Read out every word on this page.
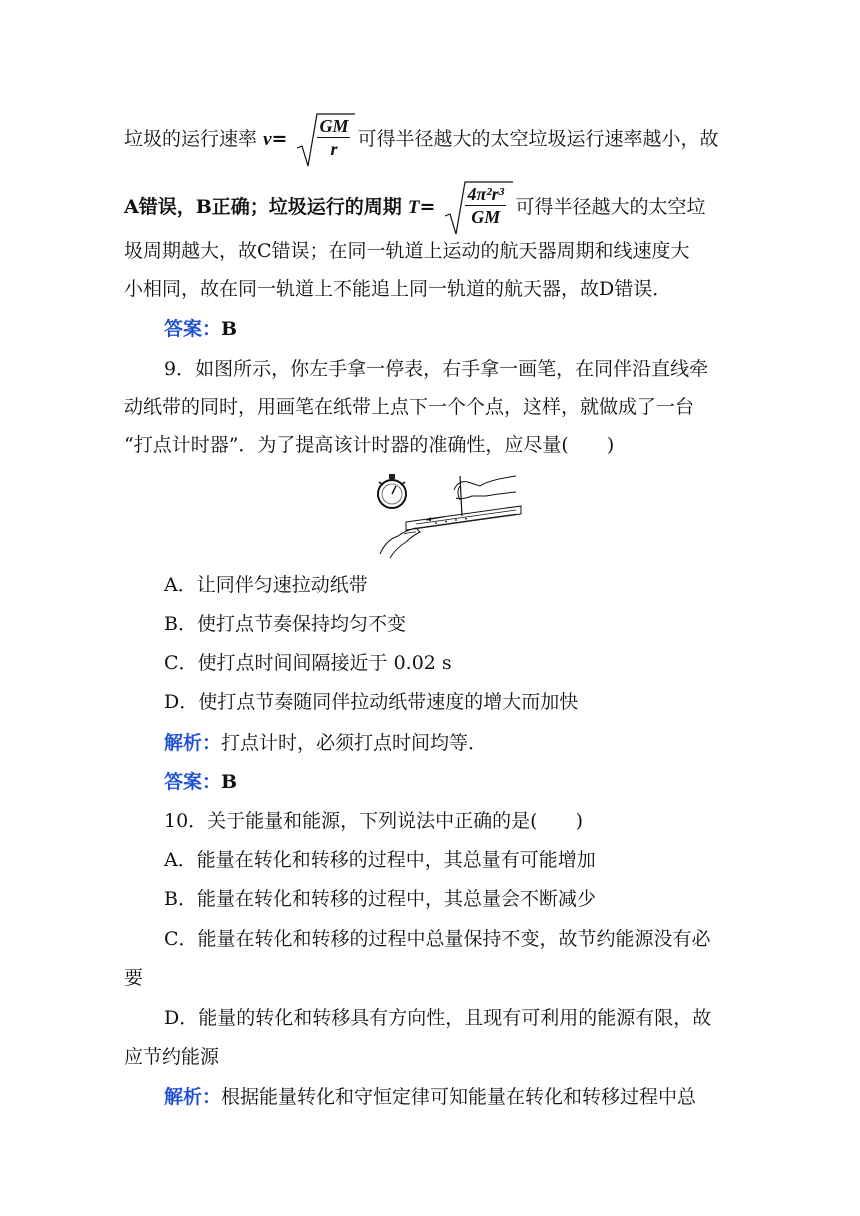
垃圾的运行速率 $v= \frac{GM}{r}$ 可得半径越大的太空垃圾运行速率越小，故
A错误，B正确；垃圾运行的周期 $T= \frac{\text{4π²r³}}{GM}$ 可得半径越大的太空垃
圾周期越大，故C错误；在同一轨道上运动的航天器周期和线速度大
小相同，故在同一轨道上不能追上同一轨道的航天器，故D错误．
答案：B
9．如图所示，你左手拿一停表，右手拿一画笔，在同伴沿直线牵
动纸带的同时，用画笔在纸带上点下一个个点，这样，就做成了一台
“打点计时器”．为了提高该计时器的准确性，应尽量(　　)
A．让同伴匀速拉动纸带
B．使打点节奏保持均匀不变
C．使打点时间间隔接近于 0.02 s
D．使打点节奏随同伴拉动纸带速度的增大而加快
解析：打点计时，必须打点时间均等．
答案：B
10．关于能量和能源，下列说法中正确的是(　　)
A．能量在转化和转移的过程中，其总量有可能增加
B．能量在转化和转移的过程中，其总量会不断减少
C．能量在转化和转移的过程中总量保持不变，故节约能源没有必
要
D．能量的转化和转移具有方向性，且现有可利用的能源有限，故
应节约能源
解析：根据能量转化和守恒定律可知能量在转化和转移过程中总
